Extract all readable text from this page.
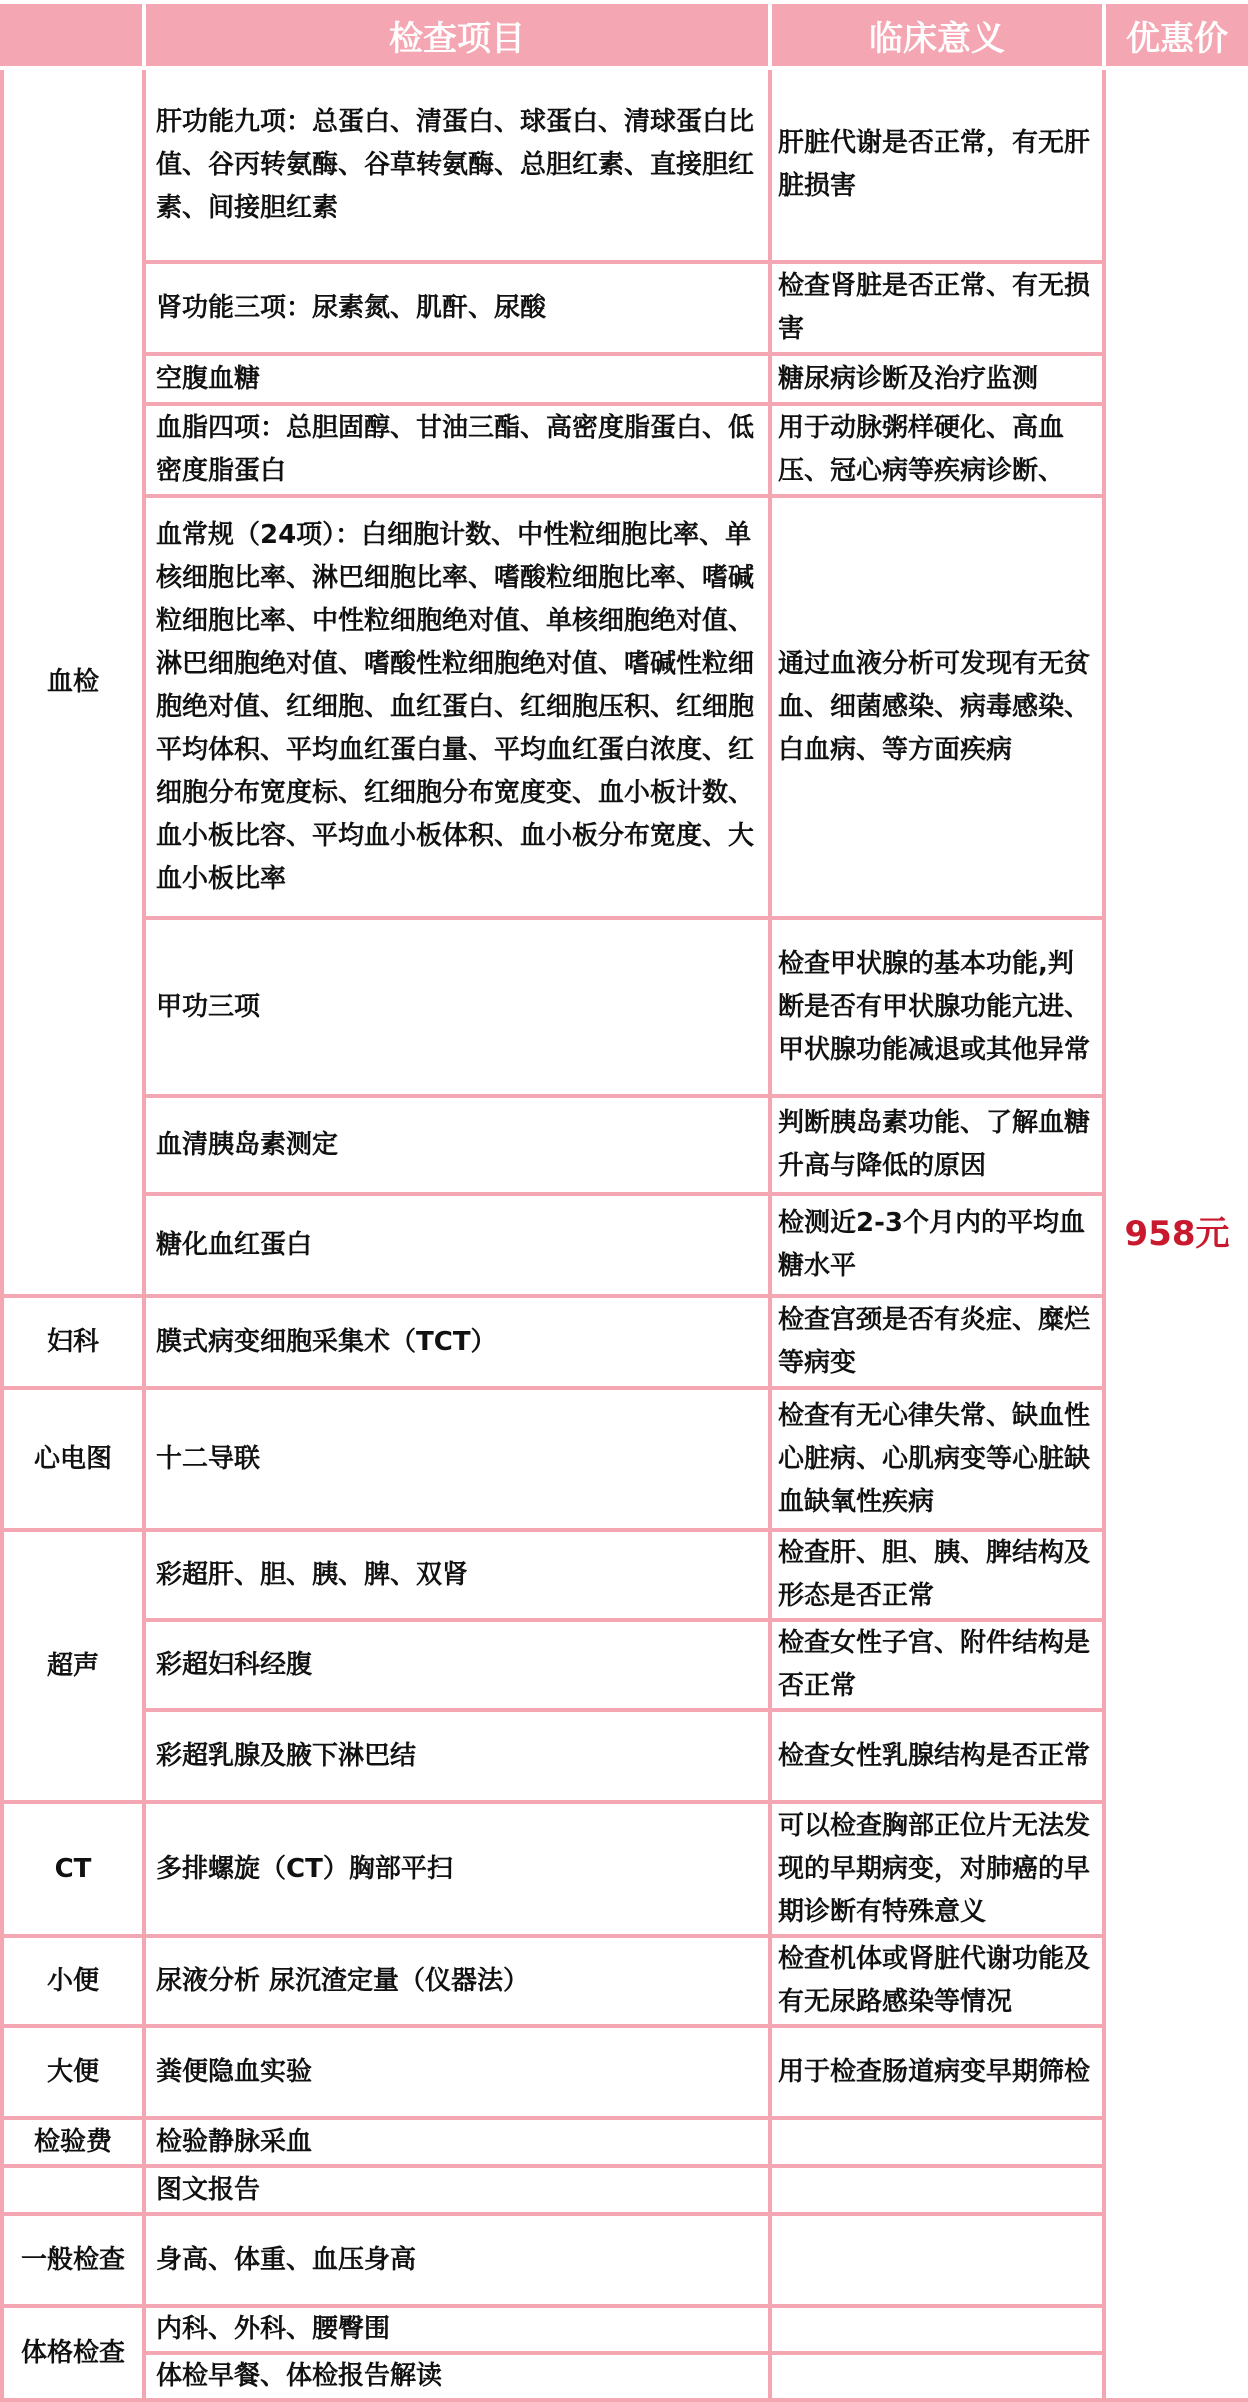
	检查项目	临床意义	优惠价
血检	肝功能九项：总蛋白、清蛋白、球蛋白、清球蛋白比值、谷丙转氨酶、谷草转氨酶、总胆红素、直接胆红素、间接胆红素	肝脏代谢是否正常，有无肝脏损害	958元
	肾功能三项：尿素氮、肌酐、尿酸	检查肾脏是否正常、有无损害	
	空腹血糖	糖尿病诊断及治疗监测	
	血脂四项：总胆固醇、甘油三酯、高密度脂蛋白、低密度脂蛋白	用于动脉粥样硬化、高血压、冠心病等疾病诊断、	
	血常规（24项）：白细胞计数、中性粒细胞比率、单核细胞比率、淋巴细胞比率、嗜酸粒细胞比率、嗜碱粒细胞比率、中性粒细胞绝对值、单核细胞绝对值、淋巴细胞绝对值、嗜酸性粒细胞绝对值、嗜碱性粒细胞绝对值、红细胞、血红蛋白、红细胞压积、红细胞平均体积、平均血红蛋白量、平均血红蛋白浓度、红细胞分布宽度标、红细胞分布宽度变、血小板计数、血小板比容、平均血小板体积、血小板分布宽度、大血小板比率	通过血液分析可发现有无贫血、细菌感染、病毒感染、白血病、等方面疾病	
	甲功三项	检查甲状腺的基本功能,判断是否有甲状腺功能亢进、甲状腺功能减退或其他异常	
	血清胰岛素测定	判断胰岛素功能、了解血糖升高与降低的原因	
	糖化血红蛋白	检测近2-3个月内的平均血糖水平	
妇科	膜式病变细胞采集术（TCT）	检查宫颈是否有炎症、糜烂等病变	
心电图	十二导联	检查有无心律失常、缺血性心脏病、心肌病变等心脏缺血缺氧性疾病	
超声	彩超肝、胆、胰、脾、双肾	检查肝、胆、胰、脾结构及形态是否正常	
	彩超妇科经腹	检查女性子宫、附件结构是否正常	
	彩超乳腺及腋下淋巴结	检查女性乳腺结构是否正常	
CT	多排螺旋（CT）胸部平扫	可以检查胸部正位片无法发现的早期病变，对肺癌的早期诊断有特殊意义	
小便	尿液分析 尿沉渣定量（仪器法）	检查机体或肾脏代谢功能及有无尿路感染等情况	
大便	粪便隐血实验	用于检查肠道病变早期筛检	
检验费	检验静脉采血		
	图文报告		
一般检查	身高、体重、血压身高		
体格检查	内科、外科、腰臀围		
	体检早餐、体检报告解读		
